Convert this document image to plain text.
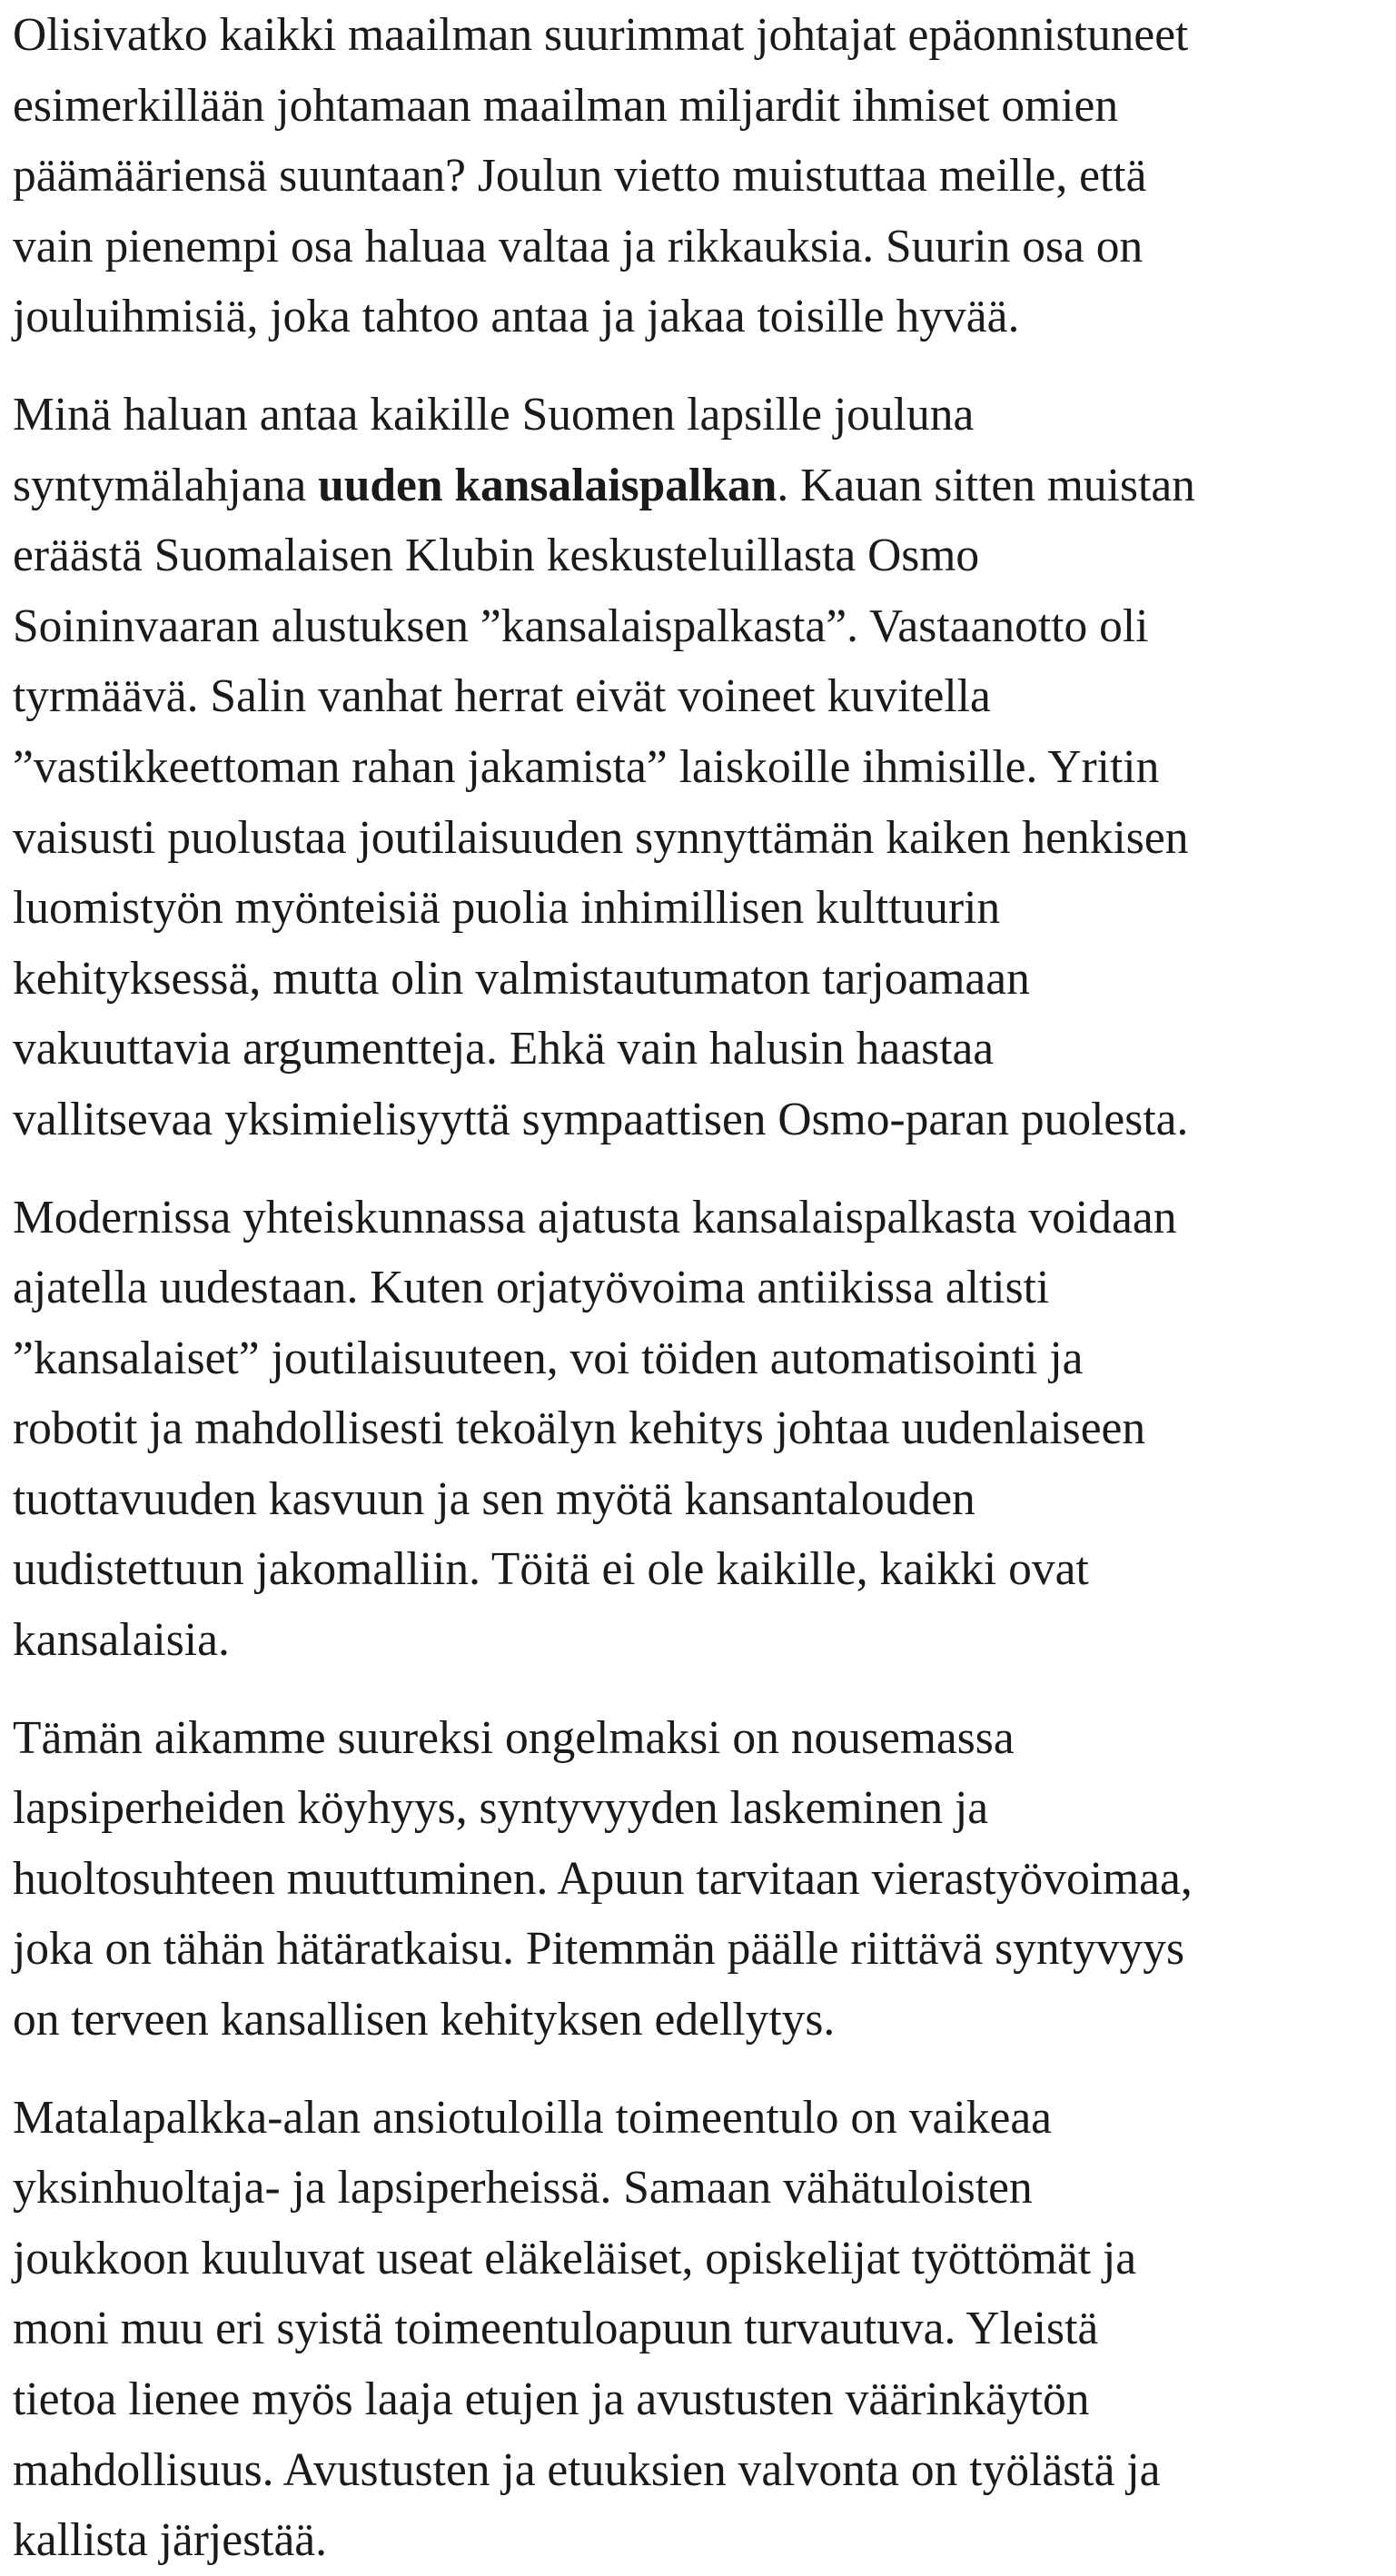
Olisivatko kaikki maailman suurimmat johtajat epäonnistuneet
esimerkillään johtamaan maailman miljardit ihmiset omien
päämääriensä suuntaan? Joulun vietto muistuttaa meille, että
vain pienempi osa haluaa valtaa ja rikkauksia. Suurin osa on
jouluihmisiä, joka tahtoo antaa ja jakaa toisille hyvää.

Minä haluan antaa kaikille Suomen lapsille jouluna
syntymälahjana uuden kansalaispalkan. Kauan sitten muistan
eräästä Suomalaisen Klubin keskusteluillasta Osmo
Soininvaaran alustuksen ”kansalaispalkasta”. Vastaanotto oli
tyrmäävä. Salin vanhat herrat eivät voineet kuvitella
”vastikkeettoman rahan jakamista” laiskoille ihmisille. Yritin
vaisusti puolustaa joutilaisuuden synnyttämän kaiken henkisen
luomistyön myönteisiä puolia inhimillisen kulttuurin
kehityksessä, mutta olin valmistautumaton tarjoamaan
vakuuttavia argumentteja. Ehkä vain halusin haastaa
vallitsevaa yksimielisyyttä sympaattisen Osmo-paran puolesta.

Modernissa yhteiskunnassa ajatusta kansalaispalkasta voidaan
ajatella uudestaan. Kuten orjatyövoima antiikissa altisti
”kansalaiset” joutilaisuuteen, voi töiden automatisointi ja
robotit ja mahdollisesti tekoälyn kehitys johtaa uudenlaiseen
tuottavuuden kasvuun ja sen myötä kansantalouden
uudistettuun jakomalliin. Töitä ei ole kaikille, kaikki ovat
kansalaisia.

Tämän aikamme suureksi ongelmaksi on nousemassa
lapsiperheiden köyhyys, syntyvyyden laskeminen ja
huoltosuhteen muuttuminen. Apuun tarvitaan vierastyövoimaa,
joka on tähän hätäratkaisu. Pitemmän päälle riittävä syntyvyys
on terveen kansallisen kehityksen edellytys.

Matalapalkka-alan ansiotuloilla toimeentulo on vaikeaa
yksinhuoltaja- ja lapsiperheissä. Samaan vähätuloisten
joukkoon kuuluvat useat eläkeläiset, opiskelijat työttömät ja
moni muu eri syistä toimeentuloapuun turvautuva. Yleistä
tietoa lienee myös laaja etujen ja avustusten väärinkäytön
mahdollisuus. Avustusten ja etuuksien valvonta on työlästä ja
kallista järjestää.
